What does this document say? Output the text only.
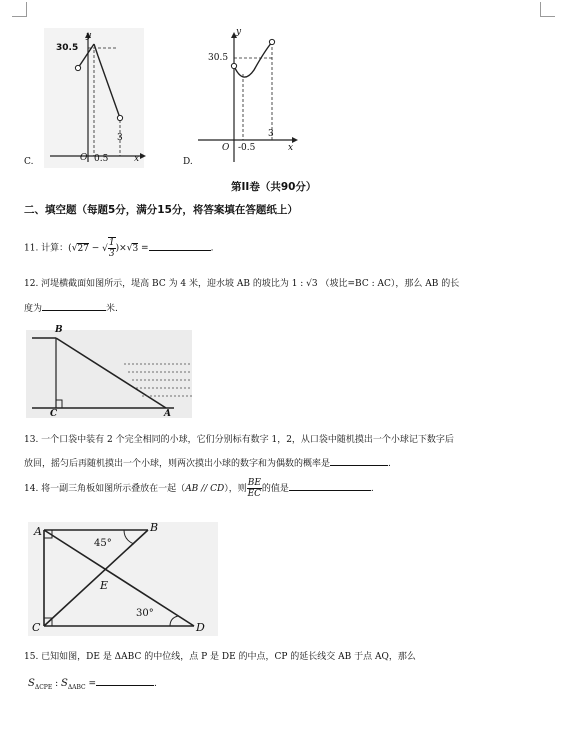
y
30.5
3
O 0.5	x
C.
y
30.5
3
O -0.5	x
D.
第II卷（共90分）
二、填空题（每题5分，满分15分，将答案填在答题纸上）
11. 计算：(√27 − √ $\frac{1}{3} )\times√3$ =	.
12. 河堤横截面如图所示，堤高 BC 为 4 米，迎水坡 AB 的坡比为 1 : √3 （坡比=BC : AC），那么 AB 的长
度为	米.
B
C	A
13. 一个口袋中装有 2 个完全相同的小球，它们分别标有数字 1，2，从口袋中随机摸出一个小球记下数字后
放回，摇匀后再随机摸出一个小球，则两次摸出小球的数字和为偶数的概率是	.
14. 将一副三角板如图所示叠放在一起（AB // CD），则 $\frac{BE}{EC}$ 的值是	.
A	B
C	D
E
45°
30°
15. 已知如图，DE 是 ΔABC 的中位线，点 P 是 DE 的中点，CP 的延长线交 AB 于点 AQ，那么
$S_{\Delta CPE}$ : $S_{\Delta ABC}$ =	.
